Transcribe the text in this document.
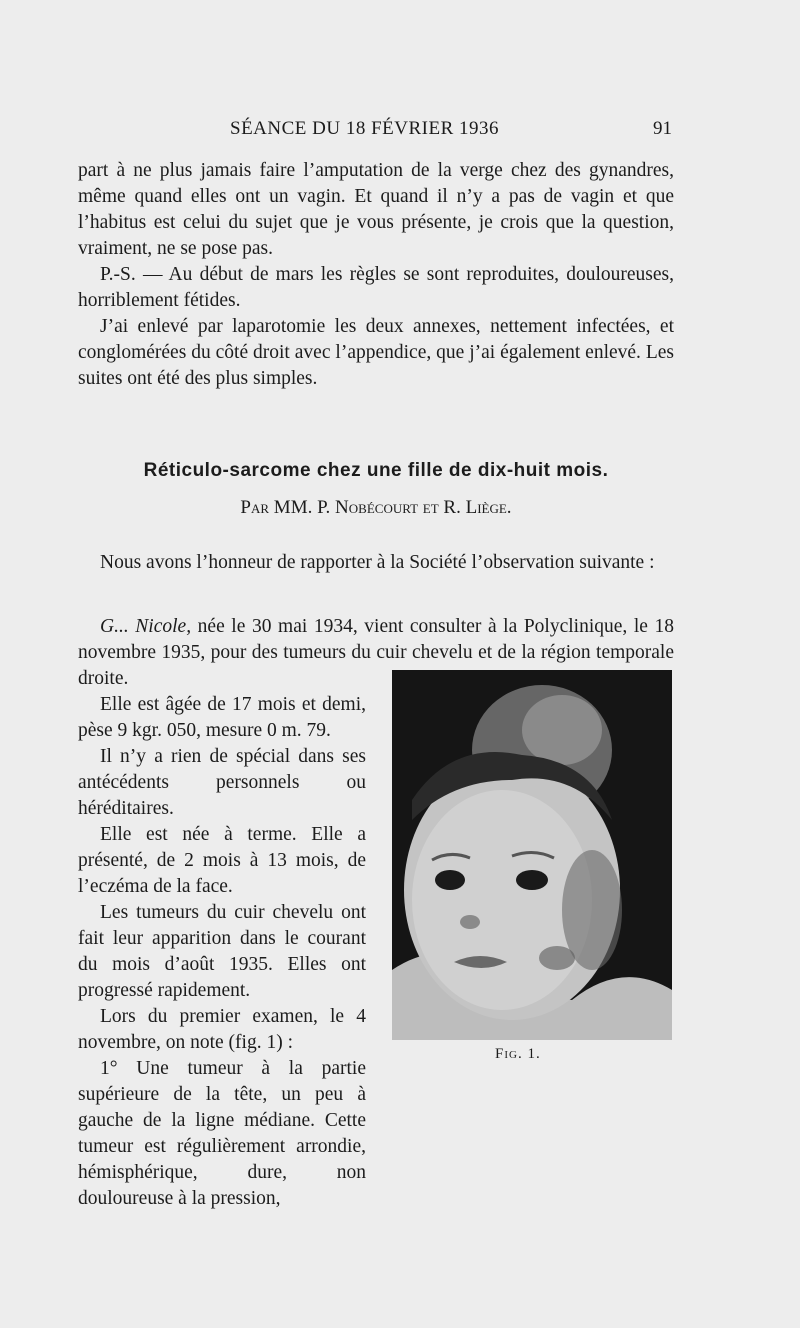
SÉANCE DU 18 FÉVRIER 1936	91

part à ne plus jamais faire l’amputation de la verge chez des gynandres, même quand elles ont un vagin. Et quand il n’y a pas de vagin et que l’habitus est celui du sujet que je vous présente, je crois que la question, vraiment, ne se pose pas.

P.-S. — Au début de mars les règles se sont reproduites, douloureuses, horriblement fétides.

J’ai enlevé par laparotomie les deux annexes, nettement infectées, et conglomérées du côté droit avec l’appendice, que j’ai également enlevé. Les suites ont été des plus simples.

Réticulo-sarcome chez une fille de dix-huit mois.
Par MM. P. Nobécourt et R. Liège.

Nous avons l’honneur de rapporter à la Société l’observation suivante :

G... Nicole, née le 30 mai 1934, vient consulter à la Polyclinique, le 18 novembre 1935, pour des tumeurs du cuir chevelu et de la région temporale droite.

Elle est âgée de 17 mois et demi, pèse 9 kgr. 050, mesure 0 m. 79.

Il n’y a rien de spécial dans ses antécédents personnels ou héréditaires.

Elle est née à terme. Elle a présenté, de 2 mois à 13 mois, de l’eczéma de la face.

Les tumeurs du cuir chevelu ont fait leur apparition dans le courant du mois d’août 1935. Elles ont progressé rapidement.

Lors du premier examen, le 4 novembre, on note (fig. 1) :

1° Une tumeur à la partie supérieure de la tête, un peu à gauche de la ligne médiane. Cette tumeur est régulièrement arrondie, hémisphérique, dure, non douloureuse à la pression,

Fig. 1.
